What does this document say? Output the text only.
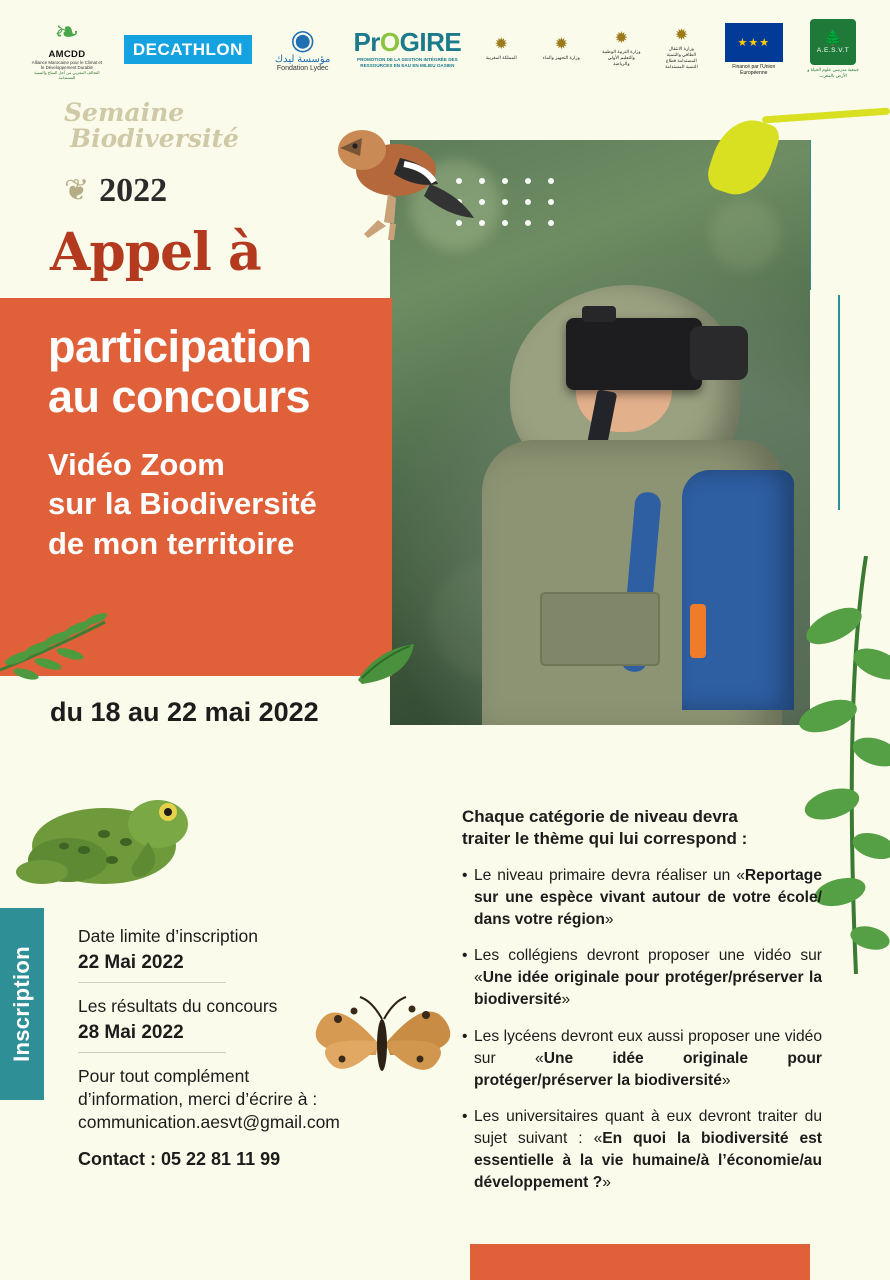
❧
AMCDD
Alliance Marocaine pour le Climat et le Développement Durable
التحالف المغربي من أجل المناخ والتنمية المستدامة
DECATHLON	◉
مؤسسة ليدك
Fondation Lydec
PrOGIRE
PROMOTION DE LA GESTION INTÉGRÉE DES RESSOURCES EN EAU EN MILIEU OASIEN
✹
المملكة المغربية
✹
وزارة التجهيز والماء
✹
وزارة التربية الوطنية والتعليم الأولي والرياضة
✹
وزارة الانتقال الطاقي والتنمية المستدامة قطاع التنمية المستدامة
★★★
Financé par l'Union Européenne
🌲
A.E.S.V.T
جمعية مدرسي علوم الحياة و الأرض بالمغرب
Semaine
Biodiversité
❦ 2022
Appel à
participation
au concours
Vidéo Zoom
sur la Biodiversité
de mon territoire
du 18 au 22 mai 2022
Inscription
Date limite d’inscription
22 Mai 2022
Les résultats du concours
28 Mai 2022
Pour tout complément
d’information, merci d’écrire à :
communication.aesvt@gmail.com
Contact : 05 22 81 11 99
Chaque catégorie de niveau devra
traiter le thème qui lui correspond :
• Le niveau primaire devra réaliser un «Reportage sur une espèce vivant autour de votre école/ dans votre région»
• Les collégiens devront proposer une vidéo sur «Une idée originale pour protéger/préserver la biodiversité»
• Les lycéens devront eux aussi proposer une vidéo sur «Une idée originale pour protéger/préserver la biodiversité»
• Les universitaires quant à eux devront traiter du sujet suivant : «En quoi la biodiversité est essentielle à la vie humaine/à l’économie/au développement ?»
